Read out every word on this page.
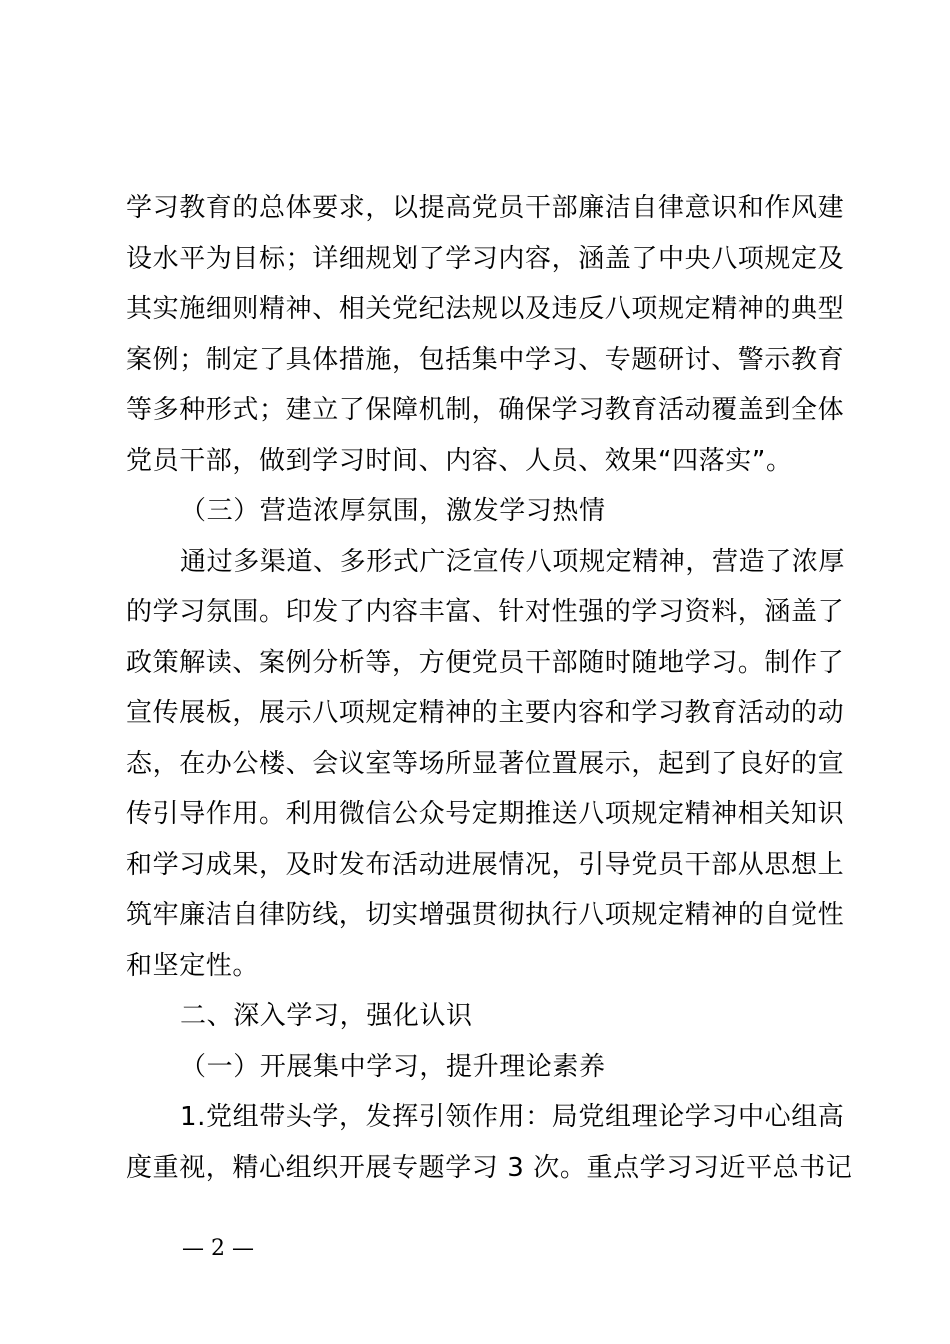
学习教育的总体要求，以提高党员干部廉洁自律意识和作风建
设水平为目标；详细规划了学习内容，涵盖了中央八项规定及
其实施细则精神、相关党纪法规以及违反八项规定精神的典型
案例；制定了具体措施，包括集中学习、专题研讨、警示教育
等多种形式；建立了保障机制，确保学习教育活动覆盖到全体
党员干部，做到学习时间、内容、人员、效果“四落实”。
（三）营造浓厚氛围，激发学习热情
通过多渠道、多形式广泛宣传八项规定精神，营造了浓厚
的学习氛围。印发了内容丰富、针对性强的学习资料，涵盖了
政策解读、案例分析等，方便党员干部随时随地学习。制作了
宣传展板，展示八项规定精神的主要内容和学习教育活动的动
态，在办公楼、会议室等场所显著位置展示，起到了良好的宣
传引导作用。利用微信公众号定期推送八项规定精神相关知识
和学习成果，及时发布活动进展情况，引导党员干部从思想上
筑牢廉洁自律防线，切实增强贯彻执行八项规定精神的自觉性
和坚定性。
二、深入学习，强化认识
（一）开展集中学习，提升理论素养
1.党组带头学，发挥引领作用：局党组理论学习中心组高
度重视，精心组织开展专题学习 3 次。重点学习习近平总书记
— 2 —
